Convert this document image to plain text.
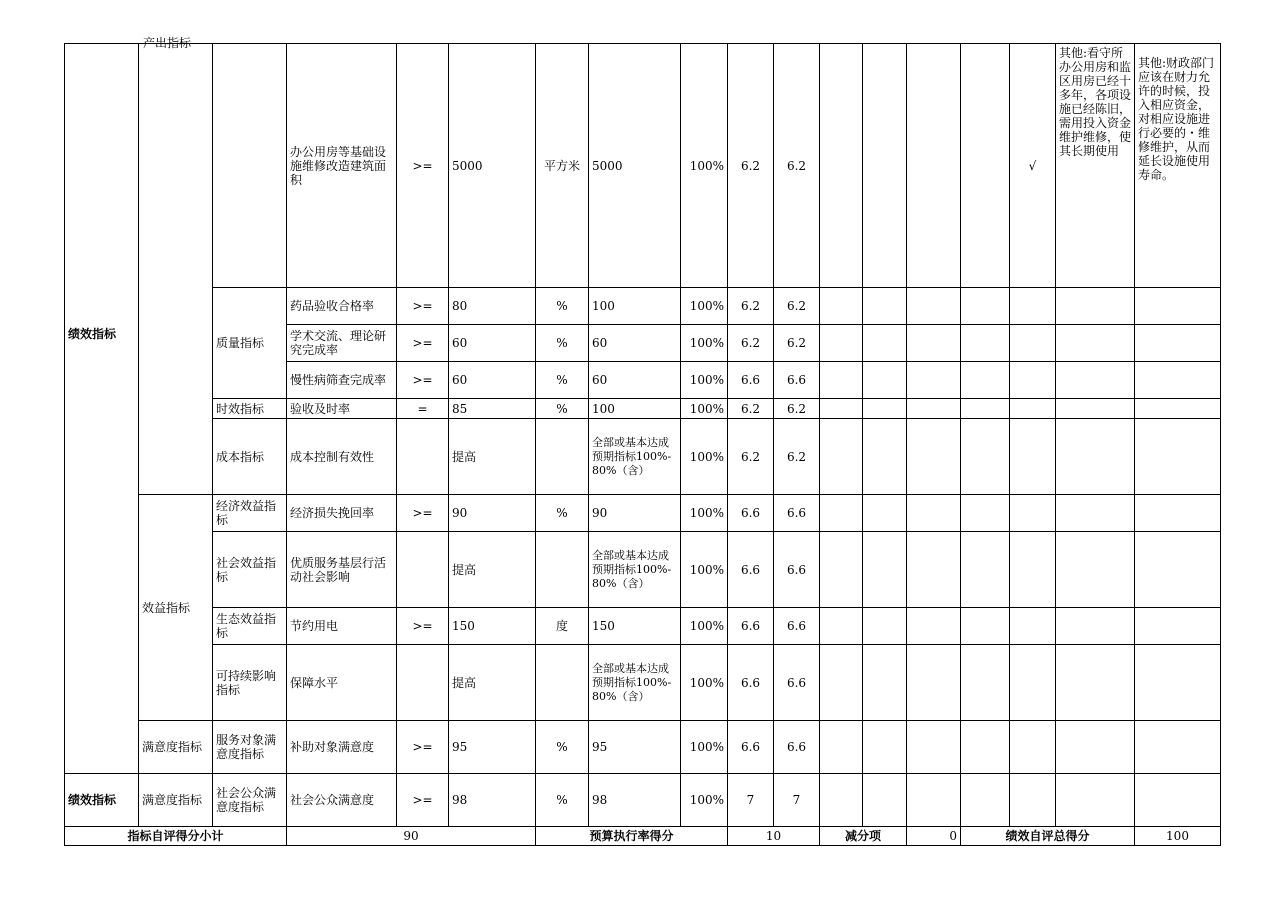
绩效指标	产出指标		办公用房等基础设施维修改造建筑面积	>=	5000	平方米	5000	100%	6.2	6.2					√	其他:看守所办公用房和监区用房已经十多年，各项设施已经陈旧，需用投入资金维护维修，使其长期使用	其他:财政部门应该在财力允许的时候，投入相应资金，对相应设施进行必要的・维修维护，从而延长设施使用寿命。
		质量指标	药品验收合格率	>=	80	%	100	100%	6.2	6.2							
			学术交流、理论研究完成率	>=	60	%	60	100%	6.2	6.2							
			慢性病筛查完成率	>=	60	%	60	100%	6.6	6.6							
		时效指标	验收及时率	=	85	%	100	100%	6.2	6.2							
		成本指标	成本控制有效性		提高		全部或基本达成预期指标100%-80%（含）	100%	6.2	6.2							
	效益指标	经济效益指标	经济损失挽回率	>=	90	%	90	100%	6.6	6.6							
		社会效益指标	优质服务基层行活动社会影响		提高		全部或基本达成预期指标100%-80%（含）	100%	6.6	6.6							
		生态效益指标	节约用电	>=	150	度	150	100%	6.6	6.6							
		可持续影响指标	保障水平		提高		全部或基本达成预期指标100%-80%（含）	100%	6.6	6.6							
	满意度指标	服务对象满意度指标	补助对象满意度	>=	95	%	95	100%	6.6	6.6							
绩效指标	满意度指标	社会公众满意度指标	社会公众满意度	>=	98	%	98	100%	7	7							
指标自评得分小计			90			预算执行率得分			10		减分项		0	绩效自评总得分			100
